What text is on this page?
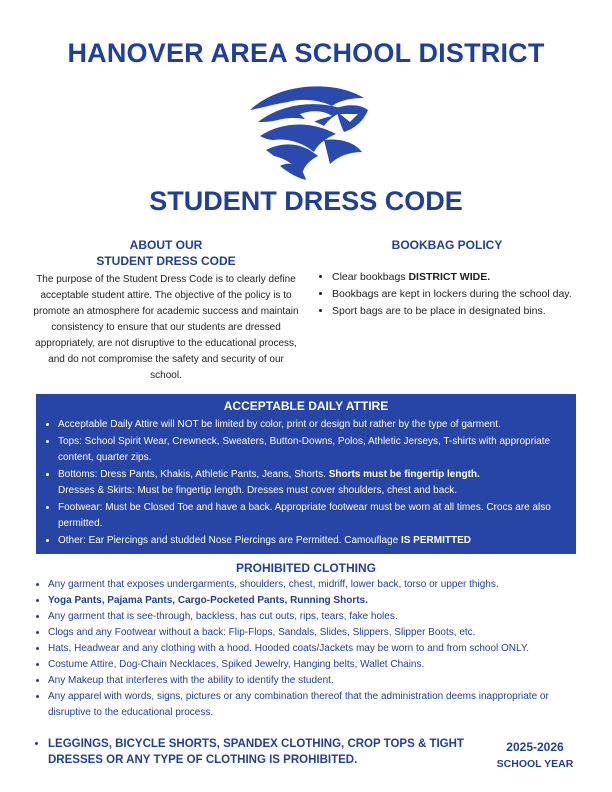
HANOVER AREA SCHOOL DISTRICT
STUDENT DRESS CODE
ABOUT OUR
STUDENT DRESS CODE

The purpose of the Student Dress Code is to clearly define acceptable student attire. The objective of the policy is to promote an atmosphere for academic success and maintain consistency to ensure that our students are dressed appropriately, are not disruptive to the educational process, and do not compromise the safety and security of our school.

BOOKBAG POLICY
• Clear bookbags DISTRICT WIDE.
• Bookbags are kept in lockers during the school day.
• Sport bags are to be place in designated bins.
ACCEPTABLE DAILY ATTIRE
• Acceptable Daily Attire will NOT be limited by color, print or design but rather by the type of garment.
• Tops: School Spirit Wear, Crewneck, Sweaters, Button-Downs, Polos, Athletic Jerseys, T-shirts with appropriate content, quarter zips.
• Bottoms: Dress Pants, Khakis, Athletic Pants, Jeans, Shorts. Shorts must be fingertip length.
Dresses & Skirts: Must be fingertip length. Dresses must cover shoulders, chest and back.
• Footwear: Must be Closed Toe and have a back. Appropriate footwear must be worn at all times. Crocs are also permitted.
• Other: Ear Piercings and studded Nose Piercings are Permitted. Camouflage IS PERMITTED
PROHIBITED CLOTHING
• Any garment that exposes undergarments, shoulders, chest, midriff, lower back, torso or upper thighs.
• Yoga Pants, Pajama Pants, Cargo-Pocketed Pants, Running Shorts.
• Any garment that is see-through, backless, has cut outs, rips, tears, fake holes.
• Clogs and any Footwear without a back: Flip-Flops, Sandals, Slides, Slippers, Slipper Boots, etc.
• Hats, Headwear and any clothing with a hood. Hooded coats/Jackets may be worn to and from school ONLY.
• Costume Attire, Dog-Chain Necklaces, Spiked Jewelry, Hanging belts, Wallet Chains.
• Any Makeup that interferes with the ability to identify the student.
• Any apparel with words, signs, pictures or any combination thereof that the administration deems inappropriate or disruptive to the educational process.
• LEGGINGS, BICYCLE SHORTS, SPANDEX CLOTHING, CROP TOPS & TIGHT DRESSES OR ANY TYPE OF CLOTHING IS PROHIBITED.
2025-2026
SCHOOL YEAR
